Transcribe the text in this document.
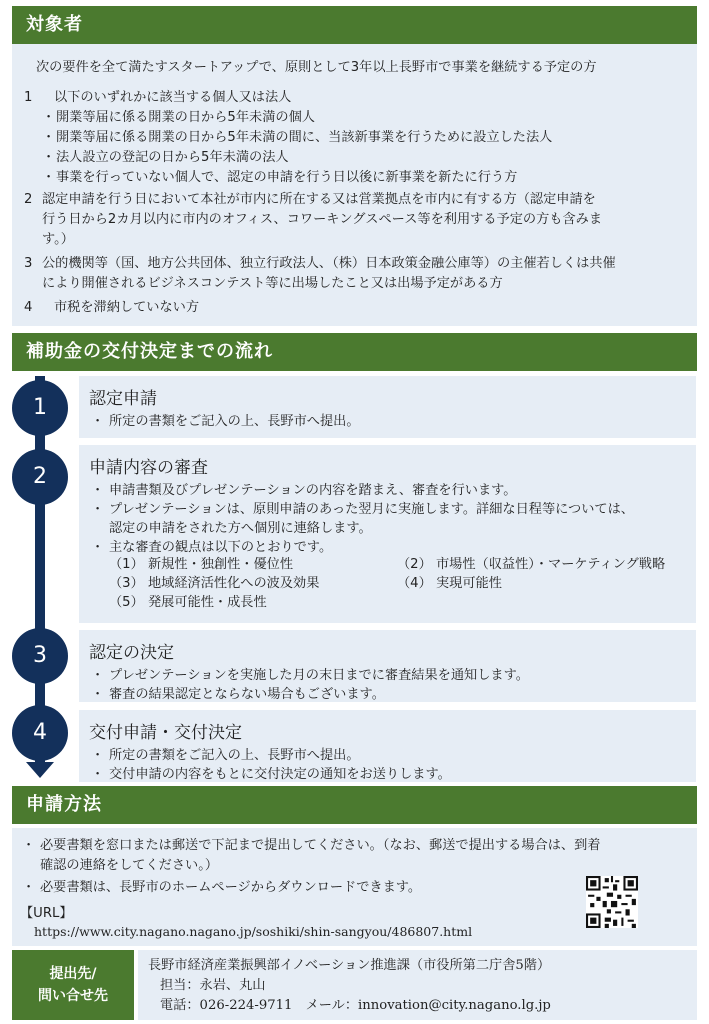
対象者
次の要件を全て満たすスタートアップで、原則として3年以上長野市で事業を継続する予定の方
1	以下のいずれかに該当する個人又は法人
・ 開業等届に係る開業の日から5年未満の個人
・ 開業等届に係る開業の日から5年未満の間に、当該新事業を行うために設立した法人
・ 法人設立の登記の日から5年未満の法人
・ 事業を行っていない個人で、認定の申請を行う日以後に新事業を新たに行う方
2 認定申請を行う日において本社が市内に所在する又は営業拠点を市内に有する方（認定申請を
行う日から2カ月以内に市内のオフィス、コワーキングスペース等を利用する予定の方も含みま
す。）
3 公的機関等（国、地方公共団体、独立行政法人、（株）日本政策金融公庫等）の主催若しくは共催
により開催されるビジネスコンテスト等に出場したこと又は出場予定がある方
4	市税を滞納していない方
補助金の交付決定までの流れ
1	認定申請
・ 所定の書類をご記入の上、長野市へ提出。
2	申請内容の審査
・ 申請書類及びプレゼンテーションの内容を踏まえ、審査を行います。
・ プレゼンテーションは、原則申請のあった翌月に実施します。詳細な日程等については、
認定の申請をされた方へ個別に連絡します。
・ 主な審査の観点は以下のとおりです。
（1） 新規性・独創性・優位性	（2） 市場性（収益性）・マーケティング戦略
（3） 地域経済活性化への波及効果	（4） 実現可能性
（5） 発展可能性・成長性
3	認定の決定
・ プレゼンテーションを実施した月の末日までに審査結果を通知します。
・ 審査の結果認定とならない場合もございます。
4	交付申請・交付決定
・ 所定の書類をご記入の上、長野市へ提出。
・ 交付申請の内容をもとに交付決定の通知をお送りします。
申請方法
・ 必要書類を窓口または郵送で下記まで提出してください。（なお、郵送で提出する場合は、到着
確認の連絡をしてください。）
・ 必要書類は、長野市のホームページからダウンロードできます。
【URL】
https://www.city.nagano.nagano.jp/soshiki/shin-sangyou/486807.html
提出先/
問い合せ先
長野市経済産業振興部イノベーション推進課（市役所第二庁舎5階）
担当：永岩、丸山
電話：026-224-9711　メール：innovation@city.nagano.lg.jp
